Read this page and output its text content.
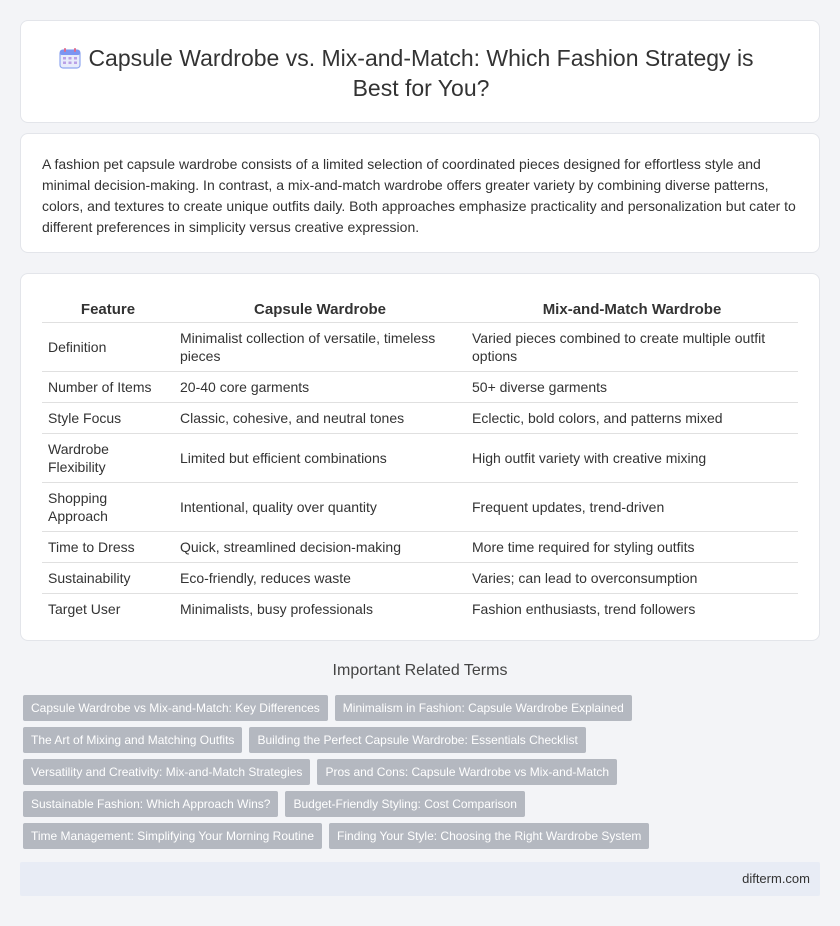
Capsule Wardrobe vs. Mix-and-Match: Which Fashion Strategy is Best for You?

A fashion pet capsule wardrobe consists of a limited selection of coordinated pieces designed for effortless style and minimal decision-making. In contrast, a mix-and-match wardrobe offers greater variety by combining diverse patterns, colors, and textures to create unique outfits daily. Both approaches emphasize practicality and personalization but cater to different preferences in simplicity versus creative expression.

Feature	Capsule Wardrobe	Mix-and-Match Wardrobe
Definition	Minimalist collection of versatile, timeless pieces	Varied pieces combined to create multiple outfit options
Number of Items	20-40 core garments	50+ diverse garments
Style Focus	Classic, cohesive, and neutral tones	Eclectic, bold colors, and patterns mixed
Wardrobe Flexibility	Limited but efficient combinations	High outfit variety with creative mixing
Shopping Approach	Intentional, quality over quantity	Frequent updates, trend-driven
Time to Dress	Quick, streamlined decision-making	More time required for styling outfits
Sustainability	Eco-friendly, reduces waste	Varies; can lead to overconsumption
Target User	Minimalists, busy professionals	Fashion enthusiasts, trend followers
Important Related Terms
Capsule Wardrobe vs Mix-and-Match: Key Differences	Minimalism in Fashion: Capsule Wardrobe Explained
The Art of Mixing and Matching Outfits	Building the Perfect Capsule Wardrobe: Essentials Checklist
Versatility and Creativity: Mix-and-Match Strategies	Pros and Cons: Capsule Wardrobe vs Mix-and-Match
Sustainable Fashion: Which Approach Wins?	Budget-Friendly Styling: Cost Comparison
Time Management: Simplifying Your Morning Routine	Finding Your Style: Choosing the Right Wardrobe System
difterm.com
